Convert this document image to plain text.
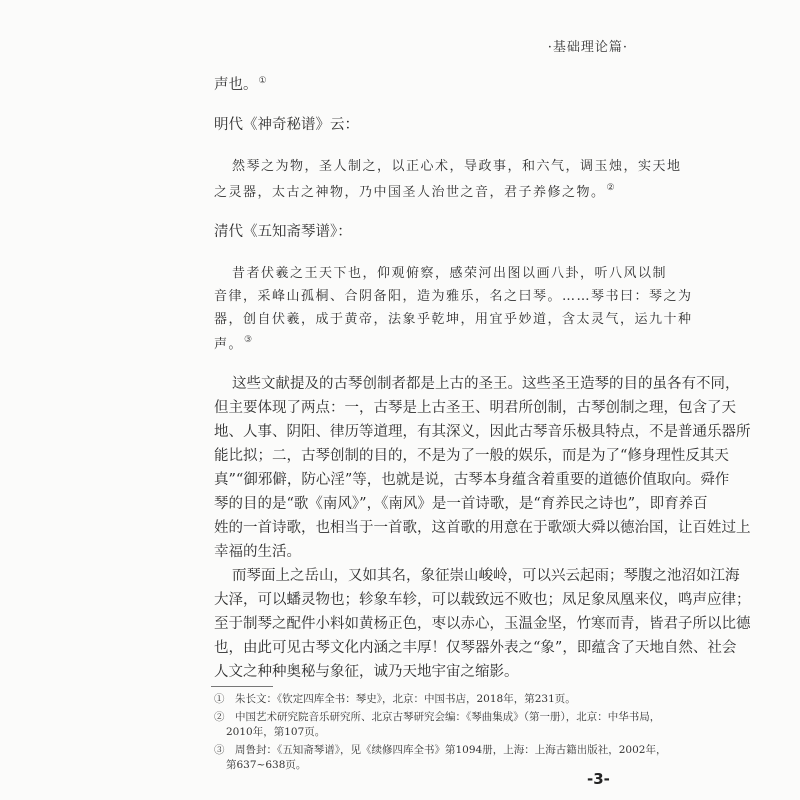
·基础理论篇·
声也。①
明代《神奇秘谱》云：
然琴之为物，圣人制之，以正心术，导政事，和六气，调玉烛，实天地
之灵器，太古之神物，乃中国圣人治世之音，君子养修之物。②
清代《五知斋琴谱》：
昔者伏羲之王天下也，仰观俯察，感荣河出图以画八卦，听八风以制
音律，采峰山孤桐、合阴备阳，造为雅乐，名之曰琴。……琴书曰：琴之为
器，创自伏羲，成于黄帝，法象乎乾坤，用宜乎妙道，含太灵气，运九十种
声。③
这些文献提及的古琴创制者都是上古的圣王。这些圣王造琴的目的虽各有不同，
但主要体现了两点：一，古琴是上古圣王、明君所创制，古琴创制之理，包含了天
地、人事、阴阳、律历等道理，有其深义，因此古琴音乐极具特点，不是普通乐器所
能比拟；二，古琴创制的目的，不是为了一般的娱乐，而是为了“修身理性反其天
真”“御邪僻，防心淫”等，也就是说，古琴本身蕴含着重要的道德价值取向。舜作
琴的目的是“歌《南风》”，《南风》是一首诗歌，是“育养民之诗也”，即育养百
姓的一首诗歌，也相当于一首歌，这首歌的用意在于歌颂大舜以德治国，让百姓过上
幸福的生活。
而琴面上之岳山，又如其名，象征崇山峻岭，可以兴云起雨；琴腹之池沼如江海
大泽，可以蟠灵物也；轸象车轸，可以载致远不败也；凤足象凤凰来仪，鸣声应律；
至于制琴之配件小料如黄杨正色，枣以赤心，玉温金坚，竹寒而青，皆君子所以比德
也，由此可见古琴文化内涵之丰厚！仅琴器外表之“象”，即蕴含了天地自然、社会
人文之种种奥秘与象征，诚乃天地宇宙之缩影。
①　朱长文：《钦定四库全书：琴史》，北京：中国书店，2018年，第231页。
②　中国艺术研究院音乐研究所、北京古琴研究会编：《琴曲集成》（第一册），北京：中华书局，
2010年，第107页。
③　周鲁封：《五知斋琴谱》，见《续修四库全书》第1094册，上海：上海古籍出版社，2002年，
第637~638页。
-3-
